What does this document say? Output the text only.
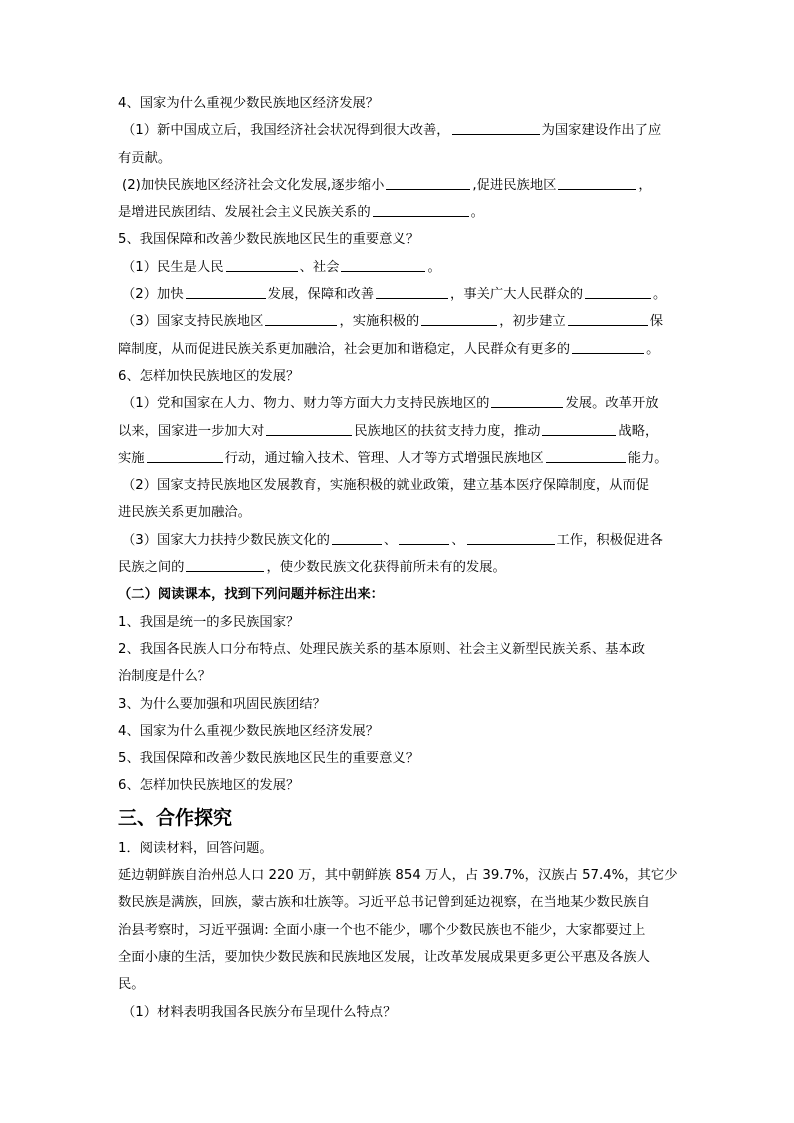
4、国家为什么重视少数民族地区经济发展？

（1）新中国成立后，我国经济社会状况得到很大改善，	为国家建设作出了应

有贡献。

(2)加快民族地区经济社会文化发展,逐步缩小	,促进民族地区	，

是增进民族团结、发展社会主义民族关系的	。

5、我国保障和改善少数民族地区民生的重要意义？

（1）民生是人民	、社会	。

（2）加快	发展，保障和改善	，事关广大人民群众的	。

（3）国家支持民族地区	，实施积极的	，初步建立	保

障制度，从而促进民族关系更加融洽，社会更加和谐稳定，人民群众有更多的	。

6、怎样加快民族地区的发展？

（1）党和国家在人力、物力、财力等方面大力支持民族地区的	发展。改革开放

以来，国家进一步加大对	民族地区的扶贫支持力度，推动	战略，

实施	行动，通过输入技术、管理、人才等方式增强民族地区	能力。

（2）国家支持民族地区发展教育，实施积极的就业政策，建立基本医疗保障制度，从而促

进民族关系更加融洽。

（3）国家大力扶持少数民族文化的	、	、	工作，积极促进各

民族之间的	，使少数民族文化获得前所未有的发展。

（二）阅读课本，找到下列问题并标注出来：

1、我国是统一的多民族国家？

2、我国各民族人口分布特点、处理民族关系的基本原则、社会主义新型民族关系、基本政

治制度是什么？

3、为什么要加强和巩固民族团结？

4、国家为什么重视少数民族地区经济发展？

5、我国保障和改善少数民族地区民生的重要意义？

6、怎样加快民族地区的发展？

三、合作探究

1．阅读材料，回答问题。

延边朝鲜族自治州总人口 220 万，其中朝鲜族 854 万人，占 39.7%，汉族占 57.4%，其它少

数民族是满族，回族，蒙古族和壮族等。习近平总书记曾到延边视察，在当地某少数民族自

治县考察时，习近平强调: 全面小康一个也不能少，哪个少数民族也不能少，大家都要过上

全面小康的生活，要加快少数民族和民族地区发展，让改革发展成果更多更公平惠及各族人

民。

（1）材料表明我国各民族分布呈现什么特点？
